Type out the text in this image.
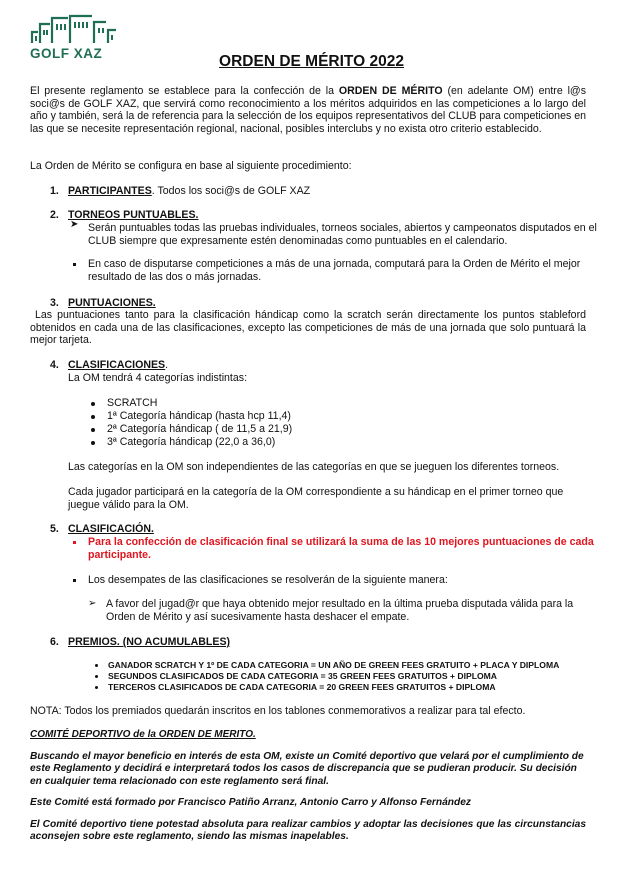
GOLF XAZ	ORDEN DE MÉRITO 2022
El presente reglamento se establece para la confección de la ORDEN DE MÉRITO (en adelante OM) entre l@s soci@s de GOLF XAZ, que servirá como reconocimiento a los méritos adquiridos en las competiciones a lo largo del año y también, será la de referencia para la selección de los equipos representativos del CLUB para competiciones en las que se necesite representación regional, nacional, posibles interclubs y no exista otro criterio establecido.
La Orden de Mérito se configura en base al siguiente procedimiento:
1. PARTICIPANTES. Todos los soci@s de GOLF XAZ
2. TORNEOS PUNTUABLES.
➤ Serán puntuables todas las pruebas individuales, torneos sociales, abiertos y campeonatos disputados en el CLUB siempre que expresamente estén denominadas como puntuables en el calendario.
En caso de disputarse competiciones a más de una jornada, computará para la Orden de Mérito el mejor resultado de las dos o más jornadas.
3. PUNTUACIONES.
Las puntuaciones tanto para la clasificación hándicap como la scratch serán directamente los puntos stableford obtenidos en cada una de las clasificaciones, excepto las competiciones de más de una jornada que solo puntuará la mejor tarjeta.
4. CLASIFICACIONES.
La OM tendrá 4 categorías indistintas:
SCRATCH
1ª Categoría hándicap (hasta hcp 11,4)
2ª Categoría hándicap ( de 11,5 a 21,9)
3ª Categoría hándicap (22,0 a 36,0)
Las categorías en la OM son independientes de las categorías en que se jueguen los diferentes torneos.
Cada jugador participará en la categoría de la OM correspondiente a su hándicap en el primer torneo que juegue válido para la OM.
5. CLASIFICACIÓN.
Para la confección de clasificación final se utilizará la suma de las 10 mejores puntuaciones de cada participante.
Los desempates de las clasificaciones se resolverán de la siguiente manera:
➢ A favor del jugad@r que haya obtenido mejor resultado en la última prueba disputada válida para la Orden de Mérito y así sucesivamente hasta deshacer el empate.
6. PREMIOS. (NO ACUMULABLES)
GANADOR SCRATCH Y 1º DE CADA CATEGORIA = UN AÑO DE GREEN FEES GRATUITO + PLACA Y DIPLOMA
SEGUNDOS CLASIFICADOS DE CADA CATEGORIA = 35 GREEN FEES GRATUITOS + DIPLOMA
TERCEROS CLASIFICADOS DE CADA CATEGORIA = 20 GREEN FEES GRATUITOS + DIPLOMA
NOTA: Todos los premiados quedarán inscritos en los tablones conmemorativos a realizar para tal efecto.
COMITÉ DEPORTIVO de la ORDEN DE MERITO.
Buscando el mayor beneficio en interés de esta OM, existe un Comité deportivo que velará por el cumplimiento de este Reglamento y decidirá e interpretará todos los casos de discrepancia que se pudieran producir. Su decisión en cualquier tema relacionado con este reglamento será final.
Este Comité está formado por Francisco Patiño Arranz, Antonio Carro y Alfonso Fernández
El Comité deportivo tiene potestad absoluta para realizar cambios y adoptar las decisiones que las circunstancias aconsejen sobre este reglamento, siendo las mismas inapelables.
